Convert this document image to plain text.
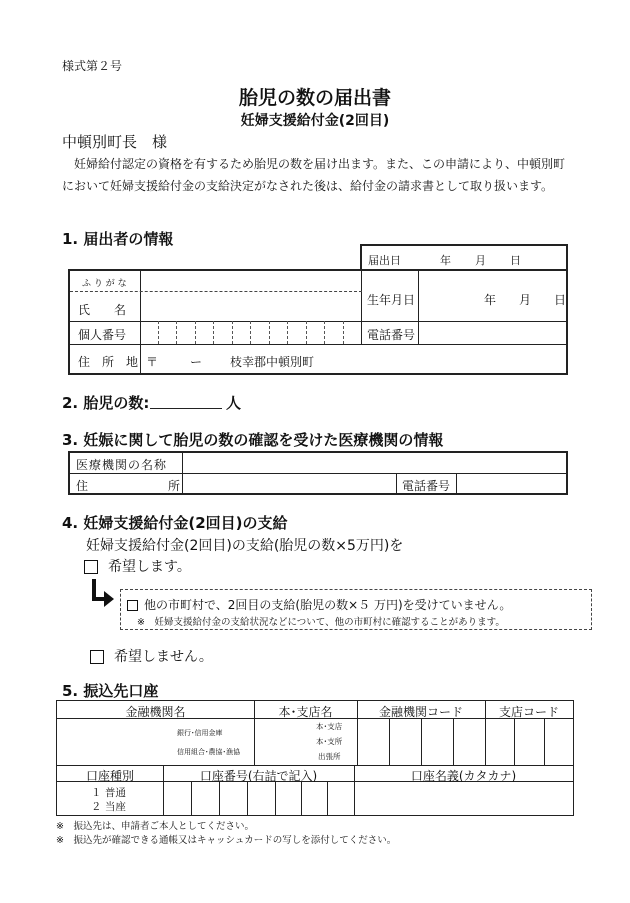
様式第２号
胎児の数の届出書
妊婦支援給付金(2回目)
中頓別町長　様
　妊婦給付認定の資格を有するため胎児の数を届け出ます。また、この申請により、中頓別町において妊婦支援給付金の支給決定がなされた後は、給付金の請求書として取り扱います。
1. 届出者の情報
届出日	年 月 日
ふ り が な
氏　　名
生年月日	年 月 日
個人番号	電話番号
住　所　地 〒	ー 枝幸郡中頓別町
2. 胎児の数:	人
3. 妊娠に関して胎児の数の確認を受けた医療機関の情報
医療機関の名称
住	所	電話番号
4. 妊婦支援給付金(2回目)の支給
妊婦支援給付金(2回目)の支給(胎児の数×5万円)を
希望します。
他の市町村で、2回目の支給(胎児の数×５ 万円)を受けていません。
※　妊婦支援給付金の支給状況などについて、他の市町村に確認することがあります。
希望しません。
5. 振込先口座
金融機関名	本･支店名	金融機関コード	支店コード
銀行･信用金庫
信用組合･農協･漁協
本･支店
本･支所
出張所
口座種別	口座番号(右詰で記入)	口座名義(カタカナ)
１ 普通
２ 当座
※　振込先は、申請者ご本人としてください。
※　振込先が確認できる通帳又はキャッシュカードの写しを添付してください。
